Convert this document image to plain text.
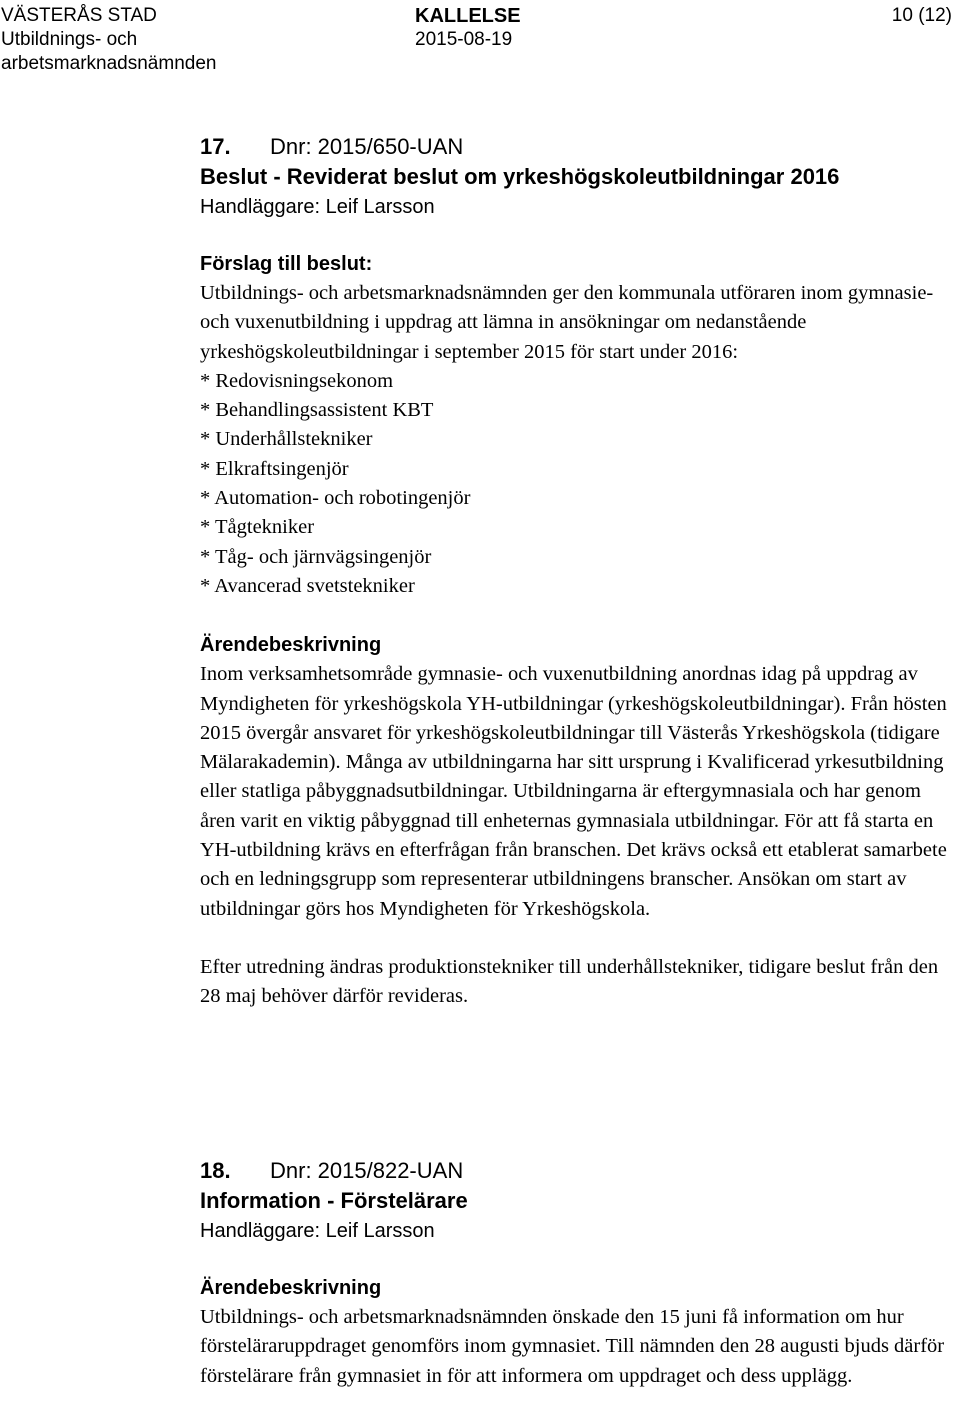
VÄSTERÅS STAD
Utbildnings- och
arbetsmarknadsnämnden
KALLELSE
2015-08-19
10 (12)
17. Dnr: 2015/650-UAN
Beslut - Reviderat beslut om yrkeshögskoleutbildningar 2016
Handläggare: Leif Larsson
Förslag till beslut:

Utbildnings- och arbetsmarknadsnämnden ger den kommunala utföraren inom gymnasie- och vuxenutbildning i uppdrag att lämna in ansökningar om nedanstående yrkeshögskoleutbildningar i september 2015 för start under 2016:

* Redovisningsekonom
* Behandlingsassistent KBT
* Underhållstekniker
* Elkraftsingenjör
* Automation- och robotingenjör
* Tågtekniker
* Tåg- och järnvägsingenjör
* Avancerad svetstekniker
Ärendebeskrivning

Inom verksamhetsområde gymnasie- och vuxenutbildning anordnas idag på uppdrag av Myndigheten för yrkeshögskola YH-utbildningar (yrkeshögskoleutbildningar). Från hösten 2015 övergår ansvaret för yrkeshögskoleutbildningar till Västerås Yrkeshögskola (tidigare Mälarakademin). Många av utbildningarna har sitt ursprung i Kvalificerad yrkesutbildning eller statliga påbyggnadsutbildningar. Utbildningarna är eftergymnasiala och har genom åren varit en viktig påbyggnad till enheternas gymnasiala utbildningar. För att få starta en YH-utbildning krävs en efterfrågan från branschen. Det krävs också ett etablerat samarbete och en ledningsgrupp som representerar utbildningens branscher. Ansökan om start av utbildningar görs hos Myndigheten för Yrkeshögskola.

Efter utredning ändras produktionstekniker till underhållstekniker, tidigare beslut från den 28 maj behöver därför revideras.

18. Dnr: 2015/822-UAN
Information - Förstelärare
Handläggare: Leif Larsson
Ärendebeskrivning

Utbildnings- och arbetsmarknadsnämnden önskade den 15 juni få information om hur försteläraruppdraget genomförs inom gymnasiet. Till nämnden den 28 augusti bjuds därför förstelärare från gymnasiet in för att informera om uppdraget och dess upplägg.
